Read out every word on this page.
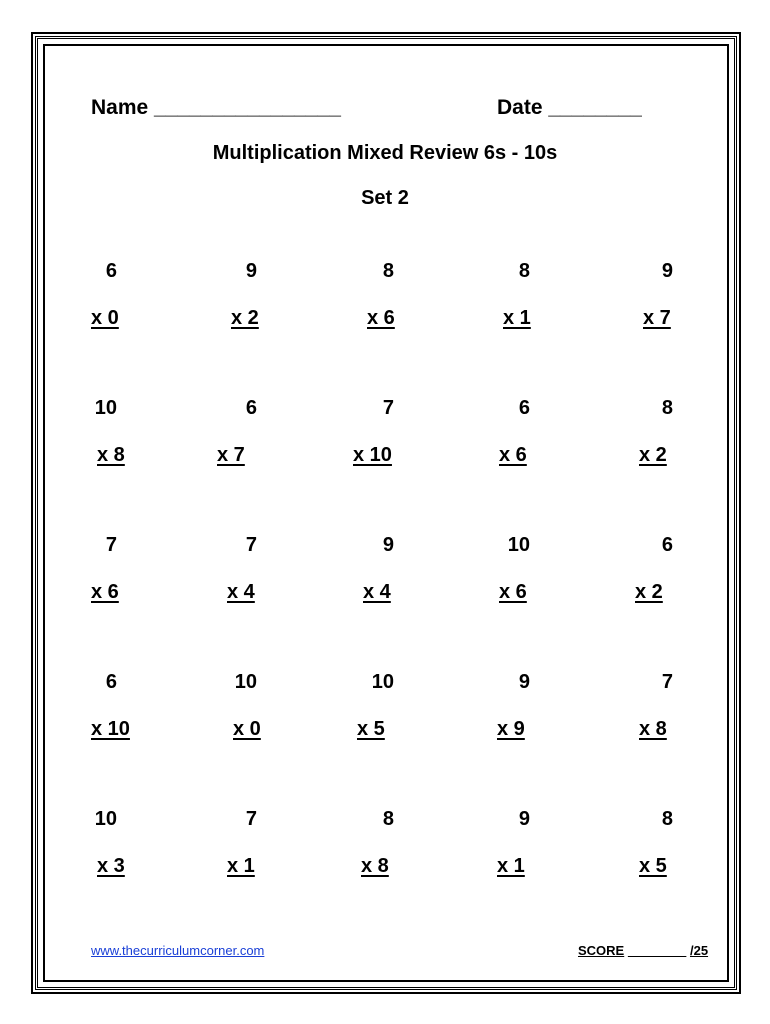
Name ________________	Date ________
Multiplication Mixed Review 6s - 10s
Set 2
6
x 0
9
x 2
8
x 6
8
x 1
9
x 7
10
x 8
6
x 7
7
x 10
6
x 6
8
x 2
7
x 6
7
x 4
9
x 4
10
x 6
6
x 2
6
x 10
10
x 0
10
x 5
9
x 9
7
x 8
10
x 3
7
x 1
8
x 8
9
x 1
8
x 5
www.thecurriculumcorner.com	SCORE          	/25
